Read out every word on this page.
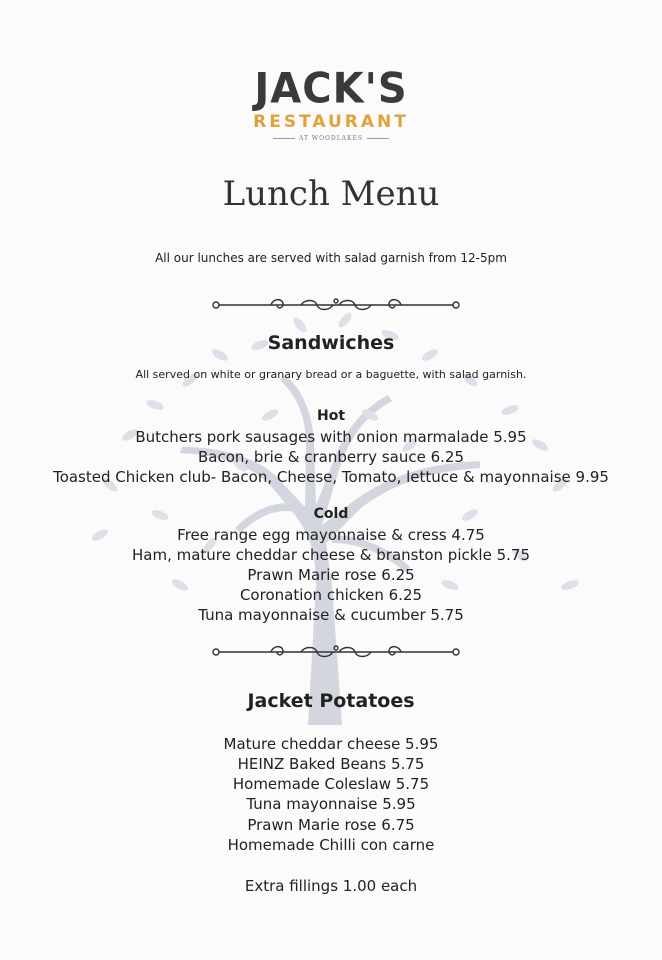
JACK'S
RESTAURANT
AT WOODLAKES
Lunch Menu
All our lunches are served with salad garnish from 12-5pm
Sandwiches
All served on white or granary bread or a baguette, with salad garnish.
Hot
Butchers pork sausages with onion marmalade 5.95
Bacon, brie & cranberry sauce 6.25
Toasted Chicken club- Bacon, Cheese, Tomato, lettuce & mayonnaise 9.95
Cold
Free range egg mayonnaise & cress 4.75
Ham, mature cheddar cheese & branston pickle 5.75
Prawn Marie rose 6.25
Coronation chicken 6.25
Tuna mayonnaise & cucumber 5.75
Jacket Potatoes
Mature cheddar cheese 5.95
HEINZ Baked Beans 5.75
Homemade Coleslaw 5.75
Tuna mayonnaise 5.95
Prawn Marie rose 6.75
Homemade Chilli con carne
Extra fillings 1.00 each
